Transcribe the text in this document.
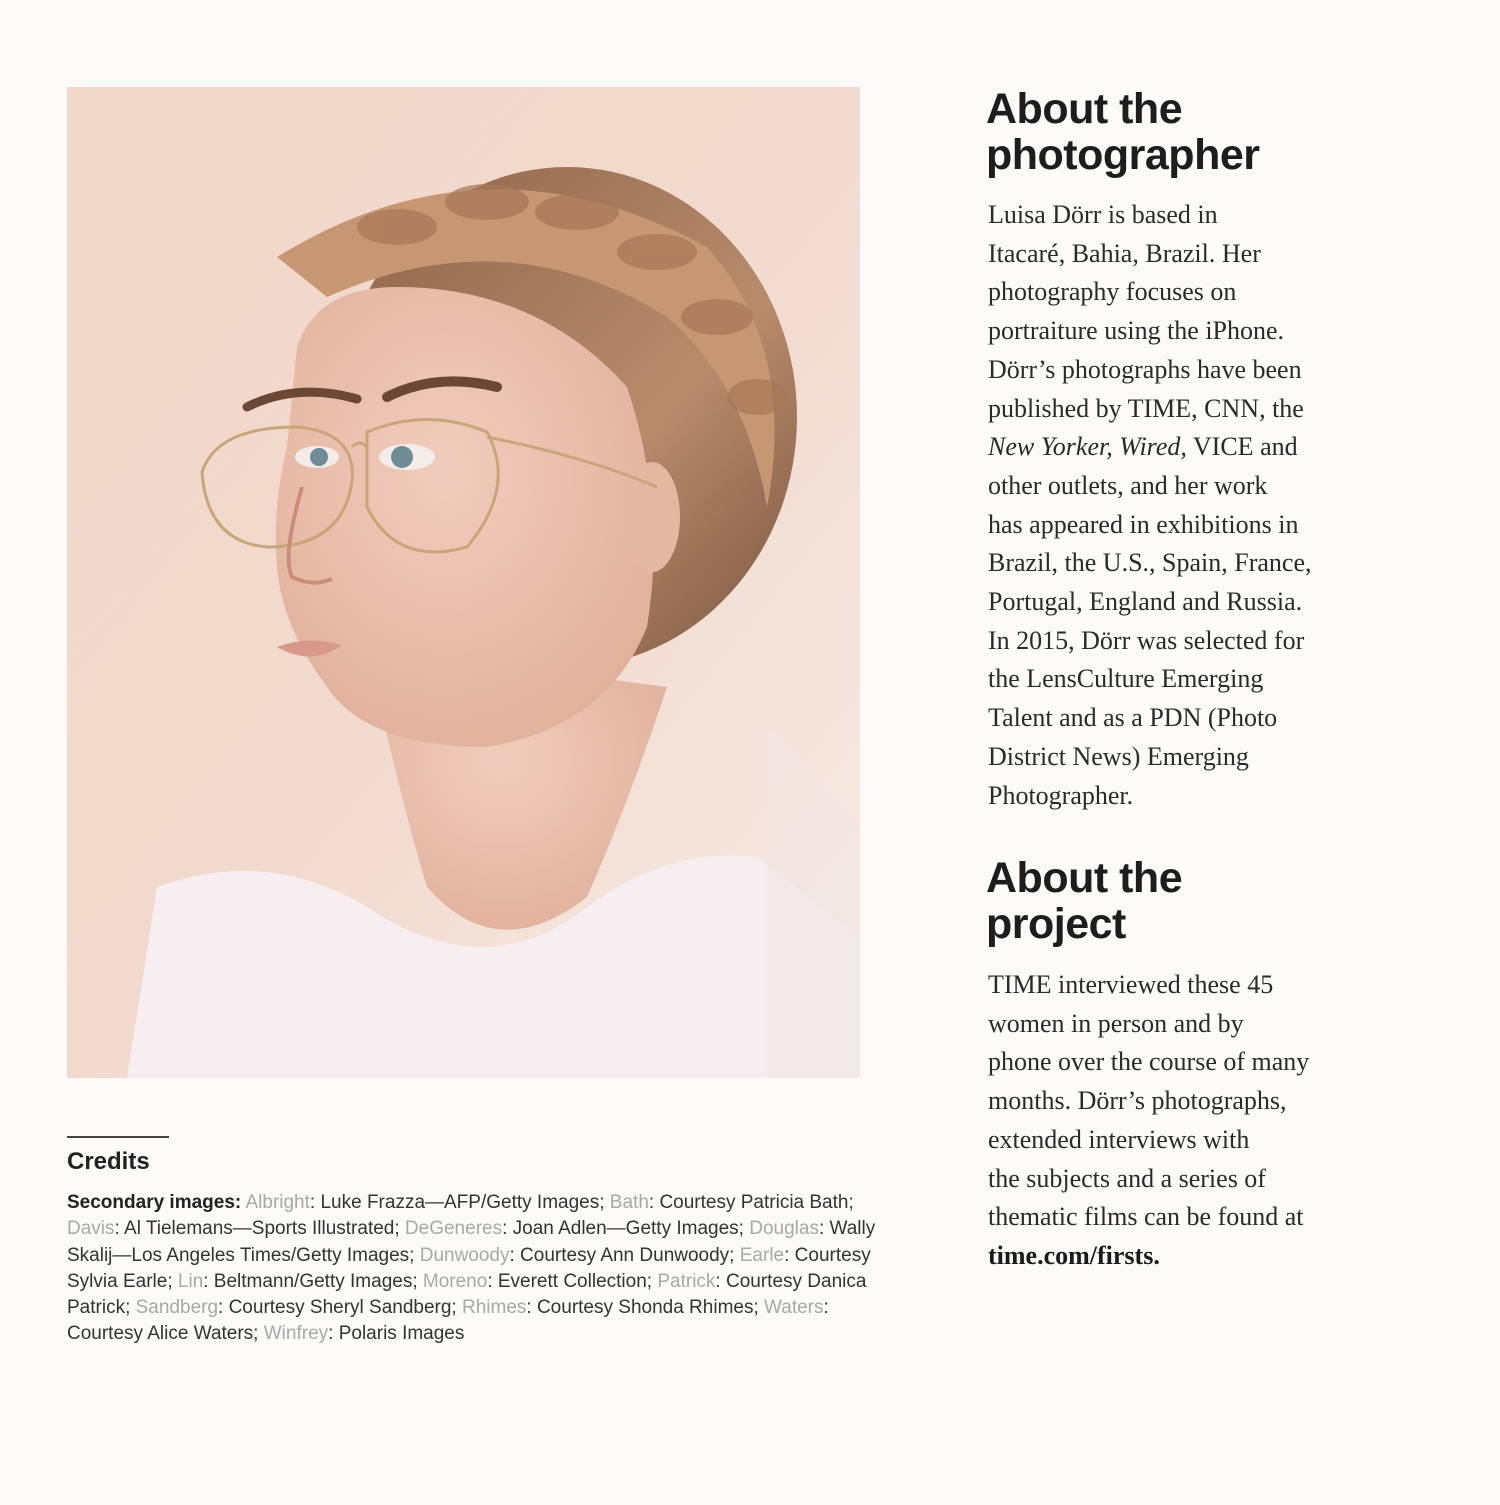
Credits

Secondary images: Albright: Luke Frazza—AFP/Getty Images; Bath: Courtesy Patricia Bath; Davis: Al Tielemans—Sports Illustrated; DeGeneres: Joan Adlen—Getty Images; Douglas: Wally Skalij—Los Angeles Times/Getty Images; Dunwoody: Courtesy Ann Dunwoody; Earle: Courtesy Sylvia Earle; Lin: Beltmann/Getty Images; Moreno: Everett Collection; Patrick: Courtesy Danica Patrick; Sandberg: Courtesy Sheryl Sandberg; Rhimes: Courtesy Shonda Rhimes; Waters: Courtesy Alice Waters; Winfrey: Polaris Images

About the
photographer

Luisa Dörr is based in
Itacaré, Bahia, Brazil. Her
photography focuses on
portraiture using the iPhone.
Dörr’s photographs have been
published by TIME, CNN, the
New Yorker, Wired, VICE and
other outlets, and her work
has appeared in exhibitions in
Brazil, the U.S., Spain, France,
Portugal, England and Russia.
In 2015, Dörr was selected for
the LensCulture Emerging
Talent and as a PDN (Photo
District News) Emerging
Photographer.

About the
project

TIME interviewed these 45
women in person and by
phone over the course of many
months. Dörr’s photographs,
extended interviews with
the subjects and a series of
thematic films can be found at
time.com/firsts.
